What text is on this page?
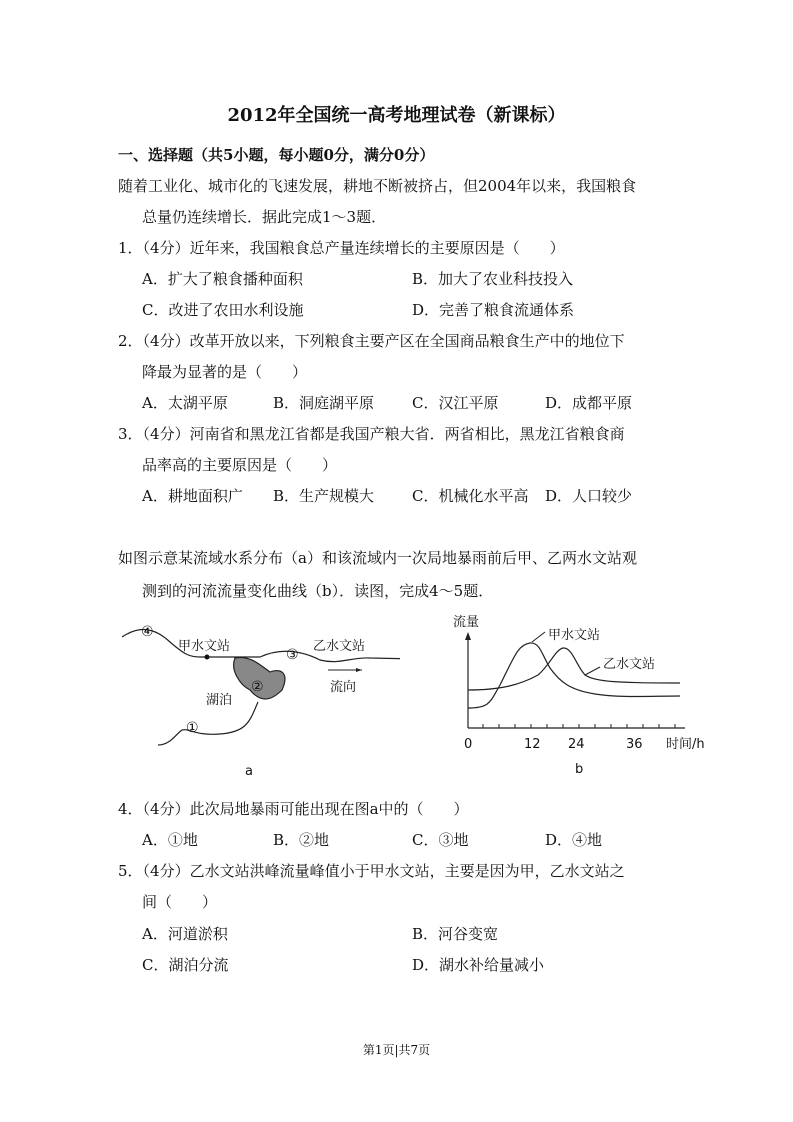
2012年全国统一高考地理试卷（新课标）
一、选择题（共5小题，每小题0分，满分0分）
随着工业化、城市化的飞速发展，耕地不断被挤占，但2004年以来，我国粮食
总量仍连续增长．据此完成1～3题．
1．（4分）近年来，我国粮食总产量连续增长的主要原因是（　　）
A．扩大了粮食播种面积	B．加大了农业科技投入
C．改进了农田水利设施	D．完善了粮食流通体系
2．（4分）改革开放以来，下列粮食主要产区在全国商品粮食生产中的地位下
降最为显著的是（　　）
A．太湖平原	B．洞庭湖平原	C．汉江平原	D．成都平原
3．（4分）河南省和黑龙江省都是我国产粮大省．两省相比，黑龙江省粮食商
品率高的主要原因是（　　）
A．耕地面积广 B．生产规模大	C．机械化水平高 D．人口较少
如图示意某流域水系分布（a）和该流域内一次局地暴雨前后甲、乙两水文站观
测到的河流流量变化曲线（b）．读图，完成4～5题．
④
③
②
①
甲水文站	乙水文站
湖泊
流向
a
流量
甲水文站
乙水文站
0	12 24	36 时间/h
b
4．（4分）此次局地暴雨可能出现在图a中的（　　）
A．①地	B．②地	C．③地	D．④地
5．（4分）乙水文站洪峰流量峰值小于甲水文站，主要是因为甲，乙水文站之
间（　　）
A．河道淤积	B．河谷变宽
C．湖泊分流	D．湖水补给量减小
第1页|共7页
